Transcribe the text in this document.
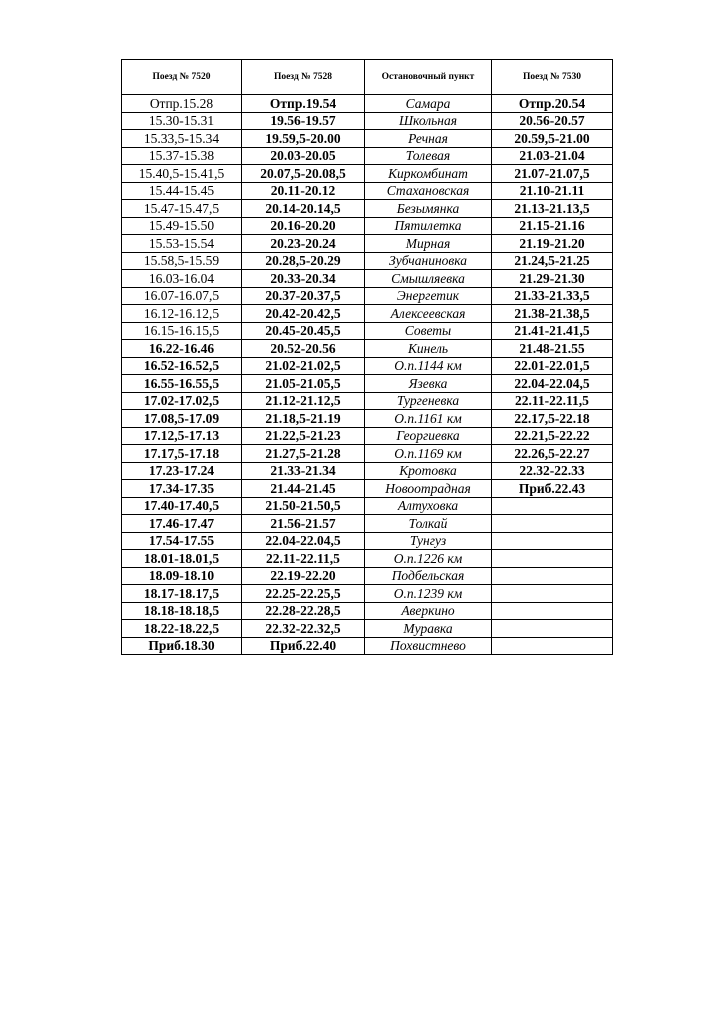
Поезд № 7520	Поезд № 7528	Остановочный пункт	Поезд № 7530
Отпр.15.28	Отпр.19.54	Самара	Отпр.20.54
15.30-15.31	19.56-19.57	Школьная	20.56-20.57
15.33,5-15.34	19.59,5-20.00	Речная	20.59,5-21.00
15.37-15.38	20.03-20.05	Толевая	21.03-21.04
15.40,5-15.41,5	20.07,5-20.08,5	Киркомбинат	21.07-21.07,5
15.44-15.45	20.11-20.12	Стахановская	21.10-21.11
15.47-15.47,5	20.14-20.14,5	Безымянка	21.13-21.13,5
15.49-15.50	20.16-20.20	Пятилетка	21.15-21.16
15.53-15.54	20.23-20.24	Мирная	21.19-21.20
15.58,5-15.59	20.28,5-20.29	Зубчаниновка	21.24,5-21.25
16.03-16.04	20.33-20.34	Смышляевка	21.29-21.30
16.07-16.07,5	20.37-20.37,5	Энергетик	21.33-21.33,5
16.12-16.12,5	20.42-20.42,5	Алексеевская	21.38-21.38,5
16.15-16.15,5	20.45-20.45,5	Советы	21.41-21.41,5
16.22-16.46	20.52-20.56	Кинель	21.48-21.55
16.52-16.52,5	21.02-21.02,5	О.п.1144 км	22.01-22.01,5
16.55-16.55,5	21.05-21.05,5	Язевка	22.04-22.04,5
17.02-17.02,5	21.12-21.12,5	Тургеневка	22.11-22.11,5
17.08,5-17.09	21.18,5-21.19	О.п.1161 км	22.17,5-22.18
17.12,5-17.13	21.22,5-21.23	Георгиевка	22.21,5-22.22
17.17,5-17.18	21.27,5-21.28	О.п.1169 км	22.26,5-22.27
17.23-17.24	21.33-21.34	Кротовка	22.32-22.33
17.34-17.35	21.44-21.45	Новоотрадная	Приб.22.43
17.40-17.40,5	21.50-21.50,5	Алтуховка	
17.46-17.47	21.56-21.57	Толкай	
17.54-17.55	22.04-22.04,5	Тунгуз	
18.01-18.01,5	22.11-22.11,5	О.п.1226 км	
18.09-18.10	22.19-22.20	Подбельская	
18.17-18.17,5	22.25-22.25,5	О.п.1239 км	
18.18-18.18,5	22.28-22.28,5	Аверкино	
18.22-18.22,5	22.32-22.32,5	Муравка	
Приб.18.30	Приб.22.40	Похвистнево	
